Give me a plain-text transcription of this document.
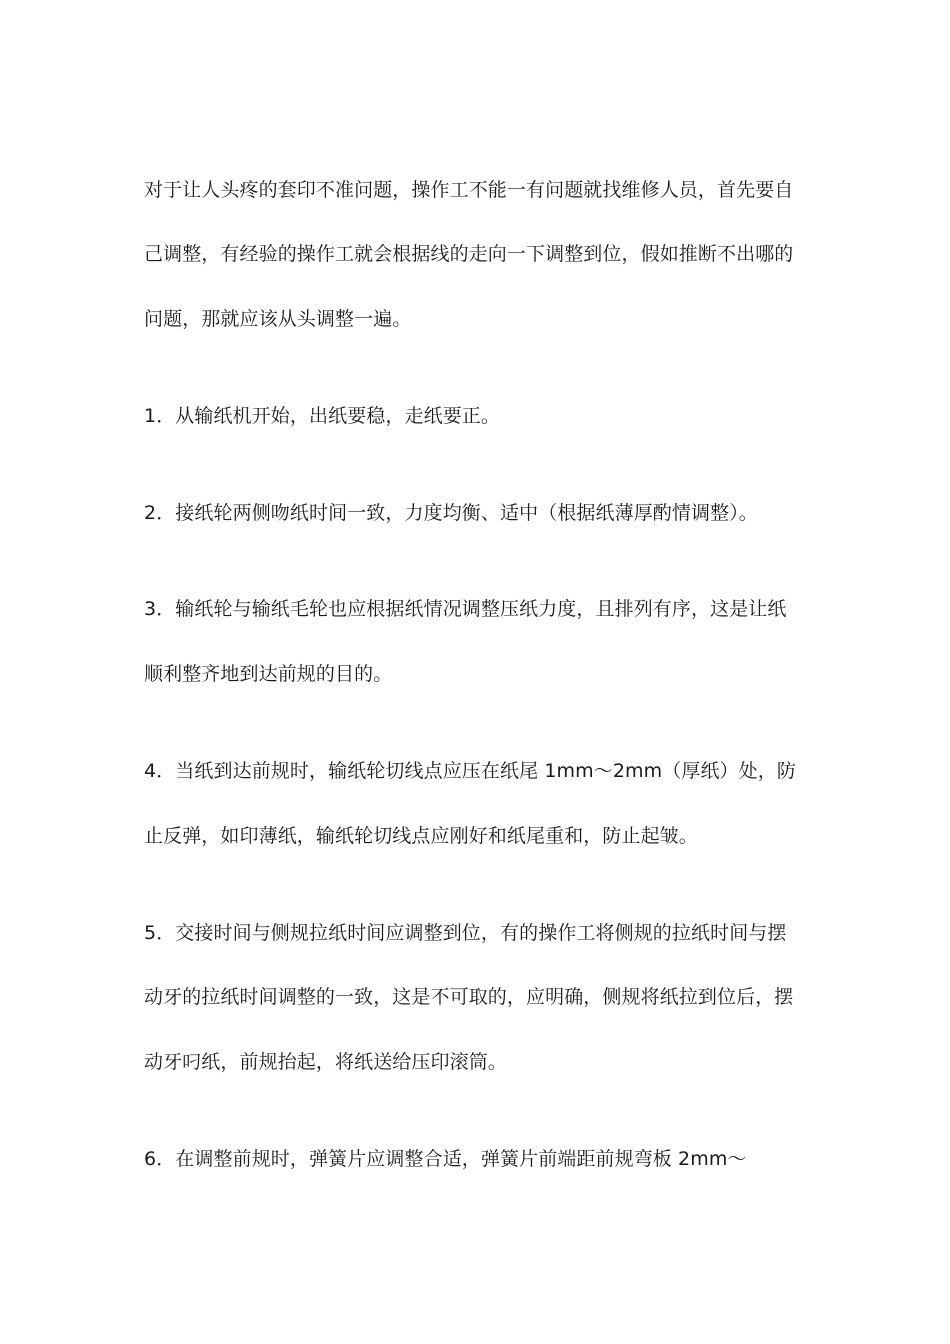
对于让人头疼的套印不准问题，操作工不能一有问题就找维修人员，首先要自
己调整，有经验的操作工就会根据线的走向一下调整到位，假如推断不出哪的
问题，那就应该从头调整一遍。
1．从输纸机开始，出纸要稳，走纸要正。
2．接纸轮两侧吻纸时间一致，力度均衡、适中（根据纸薄厚酌情调整）。
3．输纸轮与输纸毛轮也应根据纸情况调整压纸力度，且排列有序，这是让纸
顺利整齐地到达前规的目的。
4．当纸到达前规时，输纸轮切线点应压在纸尾 1mm～2mm（厚纸）处，防
止反弹，如印薄纸，输纸轮切线点应刚好和纸尾重和，防止起皱。
5．交接时间与侧规拉纸时间应调整到位，有的操作工将侧规的拉纸时间与摆
动牙的拉纸时间调整的一致，这是不可取的，应明确，侧规将纸拉到位后，摆
动牙叼纸，前规抬起，将纸送给压印滚筒。
6．在调整前规时，弹簧片应调整合适，弹簧片前端距前规弯板 2mm～
